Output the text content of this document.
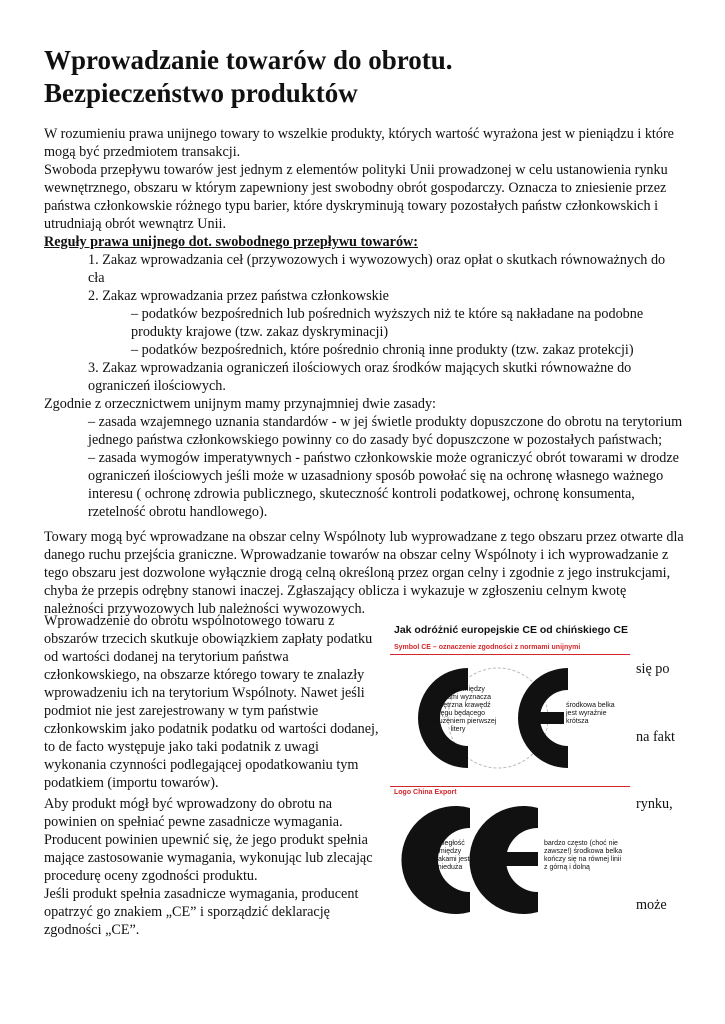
Wprowadzanie towarów do obrotu.
Bezpieczeństwo produktów

W rozumieniu prawa unijnego towary to wszelkie produkty, których wartość wyrażona jest w pieniądzu i które mogą być przedmiotem transakcji.

Swoboda przepływu towarów jest jednym z elementów polityki Unii prowadzonej w celu ustanowienia rynku wewnętrznego, obszaru w którym zapewniony jest swobodny obrót gospodarczy. Oznacza to zniesienie przez państwa członkowskie różnego typu barier, które dyskryminują towary pozostałych państw członkowskich i utrudniają obrót wewnątrz Unii.

Reguły prawa unijnego dot. swobodnego przepływu towarów:

1. Zakaz wprowadzania ceł (przywozowych i wywozowych) oraz opłat o skutkach równoważnych do cła

2. Zakaz wprowadzania przez państwa członkowskie

– podatków bezpośrednich lub pośrednich wyższych niż te które są nakładane na podobne produkty krajowe (tzw. zakaz dyskryminacji)

– podatków bezpośrednich, które pośrednio chronią inne produkty (tzw. zakaz protekcji)

3. Zakaz wprowadzania ograniczeń ilościowych oraz środków mających skutki równoważne do ograniczeń ilościowych.

Zgodnie z orzecznictwem unijnym mamy przynajmniej dwie zasady:

– zasada wzajemnego uznania standardów - w jej świetle produkty dopuszczone do obrotu na terytorium jednego państwa członkowskiego powinny co do zasady być dopuszczone w pozostałych państwach;

– zasada wymogów imperatywnych - państwo członkowskie może ograniczyć obrót towarami w drodze ograniczeń ilościowych jeśli może w uzasadniony sposób powołać się na ochronę własnego ważnego interesu ( ochronę zdrowia publicznego, skuteczność kontroli podatkowej, ochronę konsumenta, rzetelność obrotu handlowego).

Towary mogą być wprowadzane na obszar celny Wspólnoty lub wyprowadzane z tego obszaru przez otwarte dla danego ruchu przejścia graniczne. Wprowadzanie towarów na obszar celny Wspólnoty i ich wyprowadzanie z tego obszaru jest dozwolone wyłącznie drogą celną określoną przez organ celny i zgodnie z jego instrukcjami, chyba że przepis odrębny stanowi inaczej. Zgłaszający oblicza i wykazuje w zgłoszeniu celnym kwotę należności przywozowych lub należności wywozowych.

Wprowadzenie do obrotu wspólnotowego towaru z obszarów trzecich skutkuje obowiązkiem zapłaty podatku od wartości dodanej na terytorium państwa członkowskiego, na obszarze którego towary te znalazły

wprowadzeniu ich na terytorium Wspólnoty. Nawet jeśli podmiot nie jest zarejestrowany w tym państwie członkowskim jako podatnik podatku od wartości dodanej, to de facto występuje jako taki podatnik z uwagi

wykonania czynności podlegającej opodatkowaniu tym podatkiem (importu towarów).

się po
na fakt

Aby produkt mógł być wprowadzony do obrotu na

powinien on spełniać pewne zasadnicze wymagania. Producent powinien upewnić się, że jego produkt spełnia mające zastosowanie wymagania, wykonując lub zlecając procedurę oceny zgodności produktu.

Jeśli produkt spełnia zasadnicze wymagania, producent

opatrzyć go znakiem „CE” i sporządzić deklarację zgodności „CE”.

rynku,
może
Jak odróżnić europejskie CE od chińskiego CE
Symbol CE – oznaczenie zgodności z normami unijnymi
odległość między symbolami wyznacza wewnętrzna krawędź okręgu będącego przedłużeniem pierwszej litery
środkowa belka jest wyraźnie krótsza
Logo China Export
odległość między znakami jest nieduża
bardzo często (choć nie zawsze!) środkowa belka kończy się na równej linii z górną i dolną
